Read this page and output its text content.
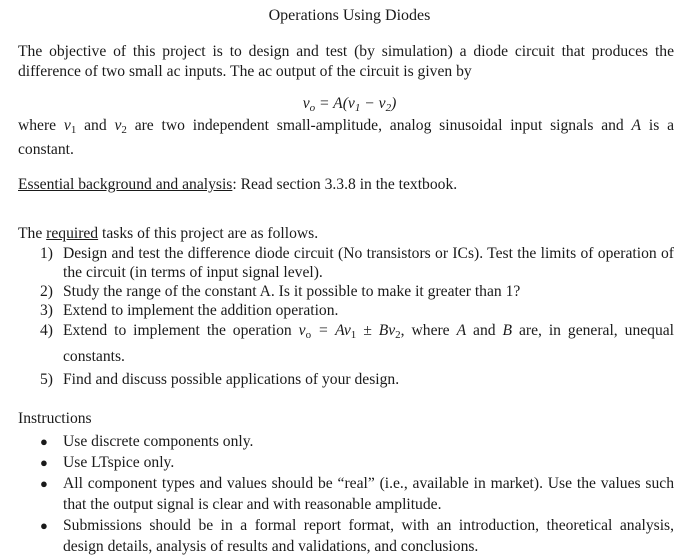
Operations Using Diodes
The objective of this project is to design and test (by simulation) a diode circuit that produces the difference of two small ac inputs. The ac output of the circuit is given by
$v_o = A(v_1 - v_2)$
where $v_1$ and $v_2$ are two independent small-amplitude, analog sinusoidal input signals and A is a constant.
Essential background and analysis: Read section 3.3.8 in the textbook.
The required tasks of this project are as follows.
1) Design and test the difference diode circuit (No transistors or ICs). Test the limits of operation of the circuit (in terms of input signal level).
2) Study the range of the constant A. Is it possible to make it greater than 1?
3) Extend to implement the addition operation.
4) Extend to implement the operation $v_o = Av_1 \pm Bv_2$, where A and B are, in general, unequal constants.
5) Find and discuss possible applications of your design.
Instructions
● Use discrete components only.
● Use LTspice only.
● All component types and values should be “real” (i.e., available in market). Use the values such that the output signal is clear and with reasonable amplitude.
● Submissions should be in a formal report format, with an introduction, theoretical analysis, design details, analysis of results and validations, and conclusions.
